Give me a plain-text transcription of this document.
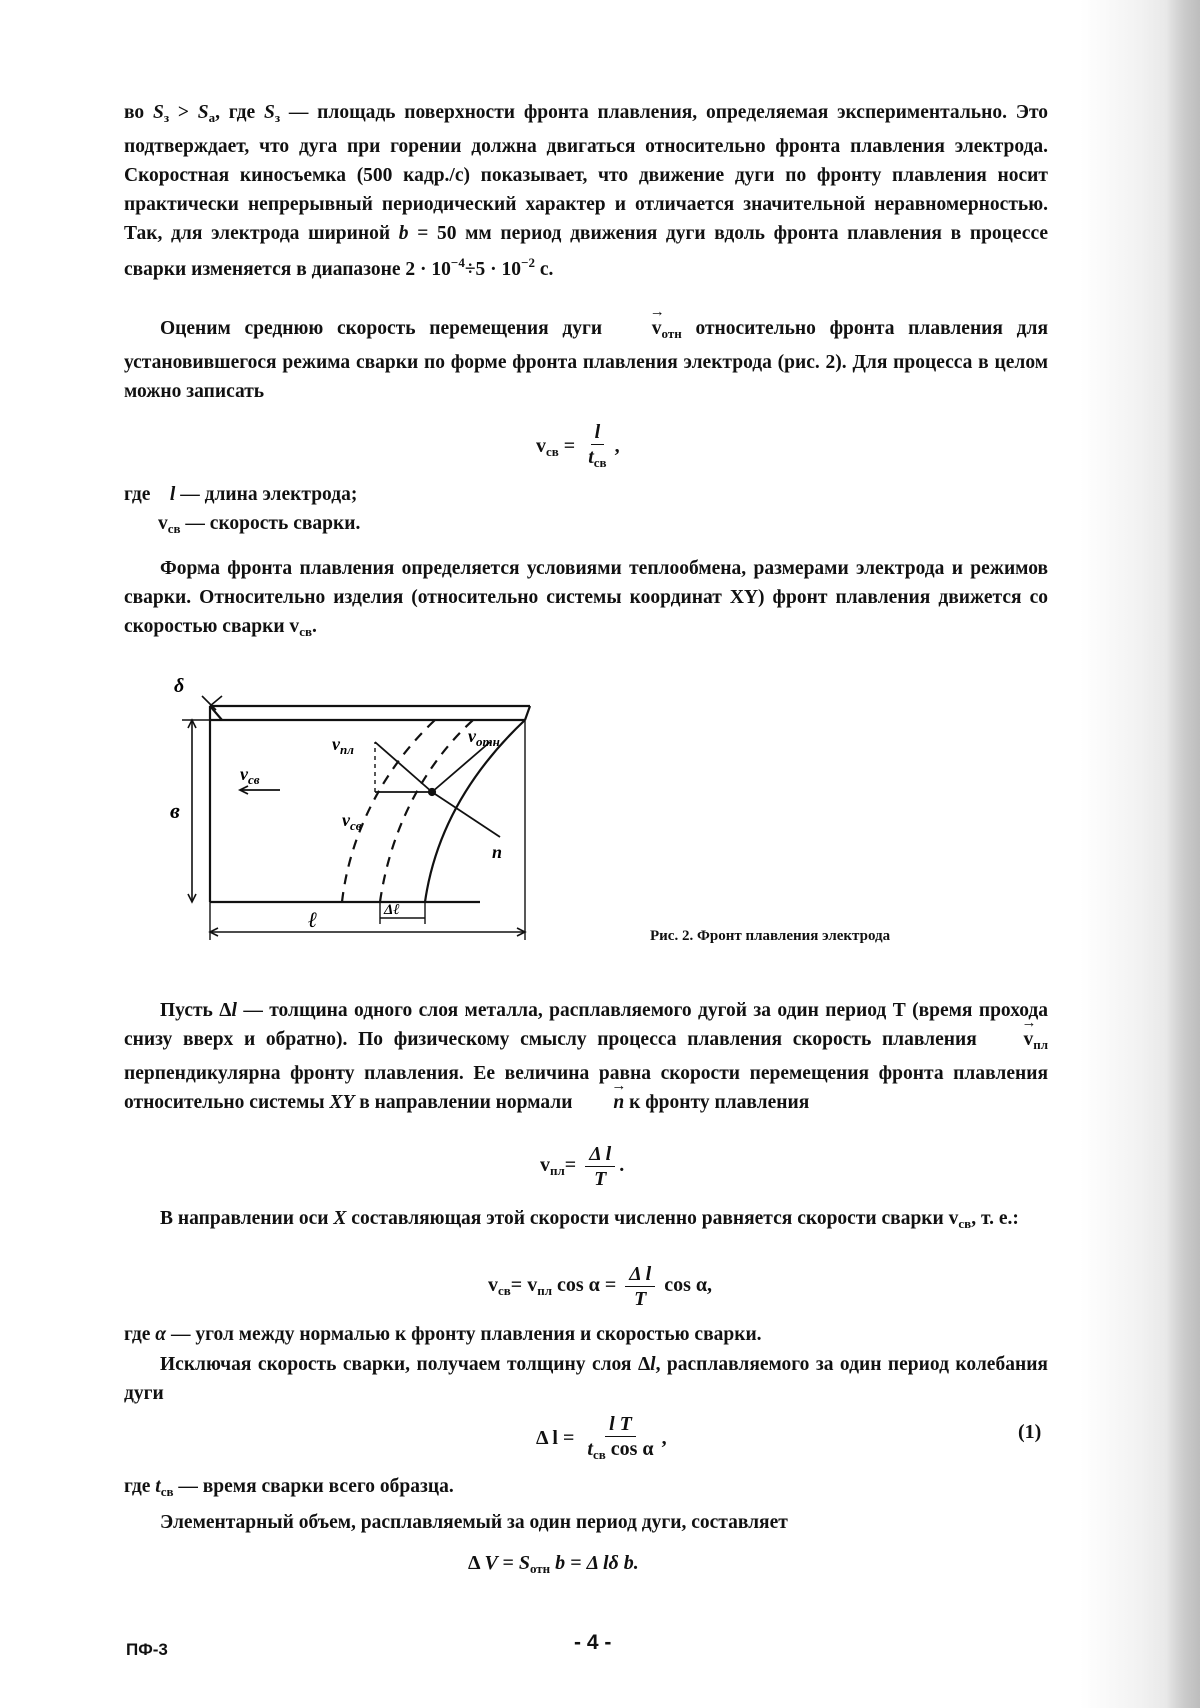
во $S_з > S_а$, где $S_з$ — площадь поверхности фронта плавления, определяемая экспериментально. Это подтверждает, что дуга при горении должна двигаться относительно фронта плавления электрода. Скоростная киносъемка (500 кадр./с) показывает, что движение дуги по фронту плавления носит практически непрерывный периодический характер и отличается значительной неравномерностью. Так, для электрода шириной b = 50 мм период движения дуги вдоль фронта плавления в процессе сварки изменяется в диапазоне $2 \cdot 10^{-4}\div 5 \cdot 10^{-2}$ с.

Оценим среднюю скорость перемещения дуги	→ $v_{отн}$ относительно фронта плавления для установившегося режима сварки по форме фронта плавления электрода (рис. 2). Для процесса в целом можно записать

$v_{св} = \frac{l}{t_{св}}$ ,
где l — длина электрода;
$v_{св}$ — скорость сварки.

Форма фронта плавления определяется условиями теплообмена, размерами электрода и режимов сварки. Относительно изделия (относительно системы координат XY) фронт плавления движется со скоростью сварки $v_{св}$.

δ
в
ℓ
$v_{св}$
$v_{пл}$
$v_{отн}$
$v_{св}$
n
Δℓ
Рис. 2. Фронт плавления электрода

Пусть Δl — толщина одного слоя металла, расплавляемого дугой за один период Т (время прохода снизу вверх и обратно). По физическому смыслу процесса плавления скорость плавления → $v_{пл}$ перпендикулярна фронту плавления. Ее величина равна скорости перемещения фронта плавления относительно системы XY в направлении нормали → n к фронту плавления

$v_{пл}= \frac{\text{Δ l}}{T}$ .

В направлении оси X составляющая этой скорости численно равняется скорости сварки $v_{св}$, т. е.:

$v_{св}= v_{пл}$ $\cos \alpha = \frac{\text{Δ l}}{T}$ cos α,

где α — угол между нормалью к фронту плавления и скоростью сварки.

Исключая скорость сварки, получаем толщину слоя Δl, расплавляемого за один период колебания дуги

Δ $l = \frac{\text{l T}}{t_{св} \cos \alpha}$ ,	(1)

где $t_{св}$ — время сварки всего образца.

Элементарный объем, расплавляемый за один период дуги, составляет

Δ $V = S_{отн}$ b = Δ lδ b.
ПФ-3	- 4 -
